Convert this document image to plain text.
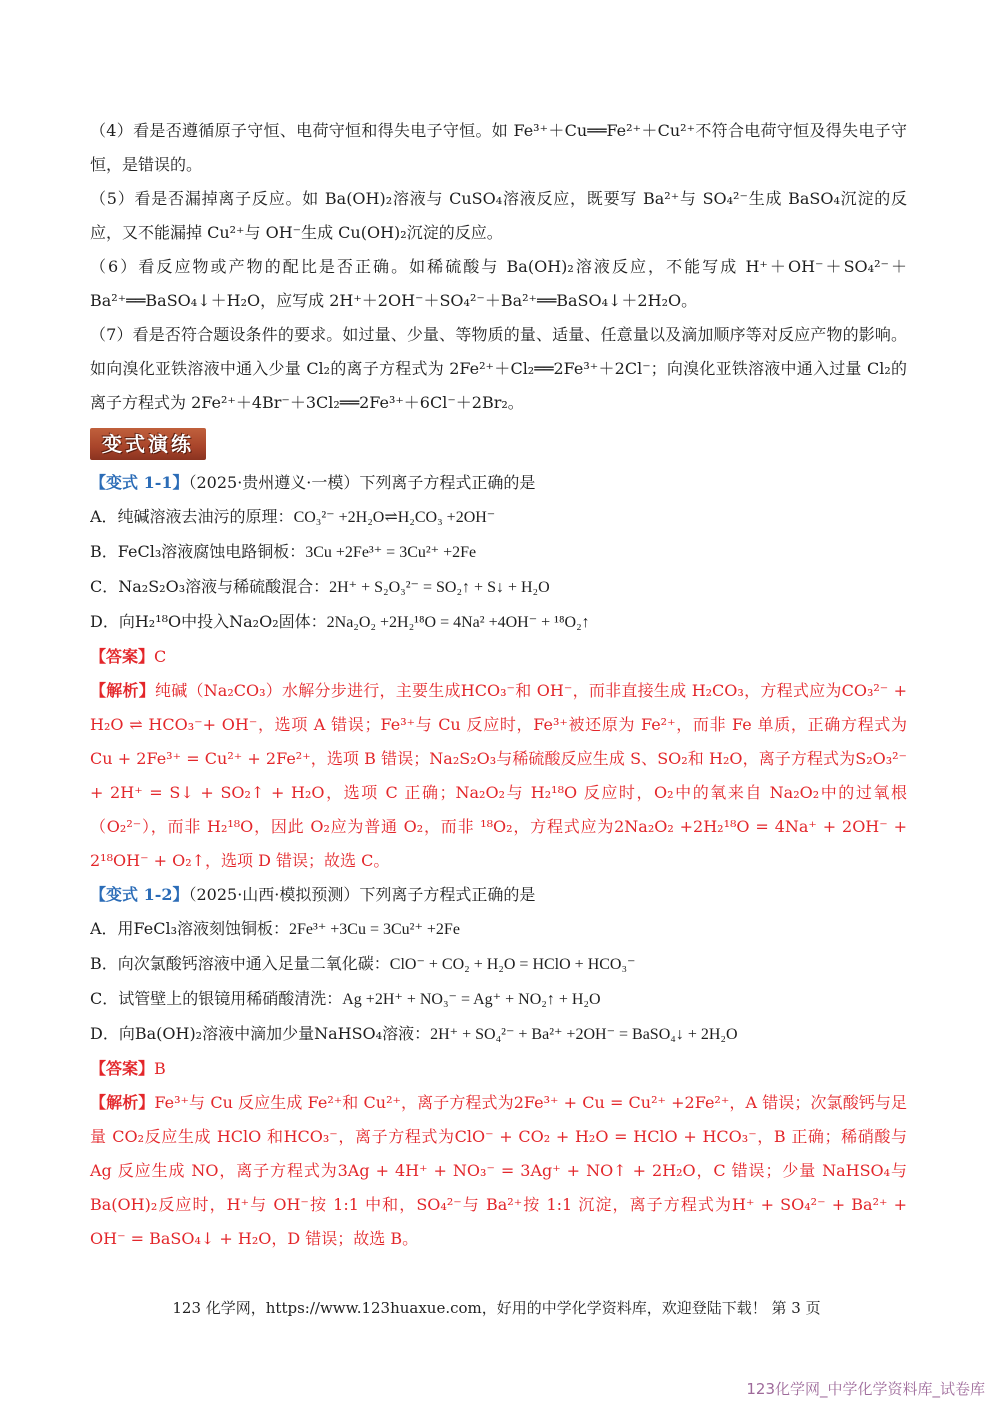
（4）看是否遵循原子守恒、电荷守恒和得失电子守恒。如 Fe³⁺＋Cu══Fe²⁺＋Cu²⁺不符合电荷守恒及得失电子守恒，是错误的。

（5）看是否漏掉离子反应。如 Ba(OH)₂溶液与 CuSO₄溶液反应，既要写 Ba²⁺与 SO₄²⁻生成 BaSO₄沉淀的反应，又不能漏掉 Cu²⁺与 OH⁻生成 Cu(OH)₂沉淀的反应。

（6）看反应物或产物的配比是否正确。如稀硫酸与 Ba(OH)₂溶液反应，不能写成 H⁺＋OH⁻＋SO₄²⁻＋Ba²⁺══BaSO₄↓＋H₂O，应写成 2H⁺＋2OH⁻＋SO₄²⁻＋Ba²⁺══BaSO₄↓＋2H₂O。

（7）看是否符合题设条件的要求。如过量、少量、等物质的量、适量、任意量以及滴加顺序等对反应产物的影响。如向溴化亚铁溶液中通入少量 Cl₂的离子方程式为 2Fe²⁺＋Cl₂══2Fe³⁺＋2Cl⁻；向溴化亚铁溶液中通入过量 Cl₂的离子方程式为 2Fe²⁺＋4Br⁻＋3Cl₂══2Fe³⁺＋6Cl⁻＋2Br₂。

变式演练
【变式 1-1】（2025·贵州遵义·一模）下列离子方程式正确的是
A．纯碱溶液去油污的原理：CO₃²⁻ +2H₂O⇌H₂CO₃ +2OH⁻
B．FeCl₃溶液腐蚀电路铜板：3Cu +2Fe³⁺ = 3Cu²⁺ +2Fe
C．Na₂S₂O₃溶液与稀硫酸混合：2H⁺ + S₂O₃²⁻ = SO₂↑ + S↓ + H₂O
D．向H₂¹⁸O中投入Na₂O₂固体：2Na₂O₂ +2H₂¹⁸O = 4Na² +4OH⁻ + ¹⁸O₂↑
【答案】C

【解析】纯碱（Na₂CO₃）水解分步进行，主要生成HCO₃⁻和 OH⁻，而非直接生成 H₂CO₃，方程式应为CO₃²⁻ + H₂O ⇌ HCO₃⁻+ OH⁻，选项 A 错误；Fe³⁺与 Cu 反应时，Fe³⁺被还原为 Fe²⁺，而非 Fe 单质，正确方程式为 Cu + 2Fe³⁺ = Cu²⁺ + 2Fe²⁺，选项 B 错误；Na₂S₂O₃与稀硫酸反应生成 S、SO₂和 H₂O，离子方程式为S₂O₃²⁻ + 2H⁺ = S↓ + SO₂↑ + H₂O，选项 C 正确；Na₂O₂与 H₂¹⁸O 反应时，O₂中的氧来自 Na₂O₂中的过氧根（O₂²⁻），而非 H₂¹⁸O，因此 O₂应为普通 O₂，而非 ¹⁸O₂，方程式应为2Na₂O₂ +2H₂¹⁸O = 4Na⁺ + 2OH⁻ + 2¹⁸OH⁻ + O₂↑，选项 D 错误；故选 C。

【变式 1-2】（2025·山西·模拟预测）下列离子方程式正确的是
A．用FeCl₃溶液刻蚀铜板：2Fe³⁺ +3Cu = 3Cu²⁺ +2Fe
B．向次氯酸钙溶液中通入足量二氧化碳：ClO⁻ + CO₂ + H₂O = HClO + HCO₃⁻
C．试管壁上的银镜用稀硝酸清洗：Ag +2H⁺ + NO₃⁻ = Ag⁺ + NO₂↑ + H₂O
D．向Ba(OH)₂溶液中滴加少量NaHSO₄溶液：2H⁺ + SO₄²⁻ + Ba²⁺ +2OH⁻ = BaSO₄↓ + 2H₂O
【答案】B

【解析】Fe³⁺与 Cu 反应生成 Fe²⁺和 Cu²⁺，离子方程式为2Fe³⁺ + Cu = Cu²⁺ +2Fe²⁺，A 错误；次氯酸钙与足量 CO₂反应生成 HClO 和HCO₃⁻，离子方程式为ClO⁻ + CO₂ + H₂O = HClO + HCO₃⁻，B 正确；稀硝酸与 Ag 反应生成 NO，离子方程式为3Ag + 4H⁺ + NO₃⁻ = 3Ag⁺ + NO↑ + 2H₂O，C 错误；少量 NaHSO₄与 Ba(OH)₂反应时，H⁺与 OH⁻按 1:1 中和，SO₄²⁻与 Ba²⁺按 1:1 沉淀，离子方程式为H⁺ + SO₄²⁻ + Ba²⁺ + OH⁻ = BaSO₄↓ + H₂O，D 错误；故选 B。

123 化学网，https://www.123huaxue.com，好用的中学化学资料库，欢迎登陆下载！ 第 3 页
123化学网_中学化学资料库_试卷库
